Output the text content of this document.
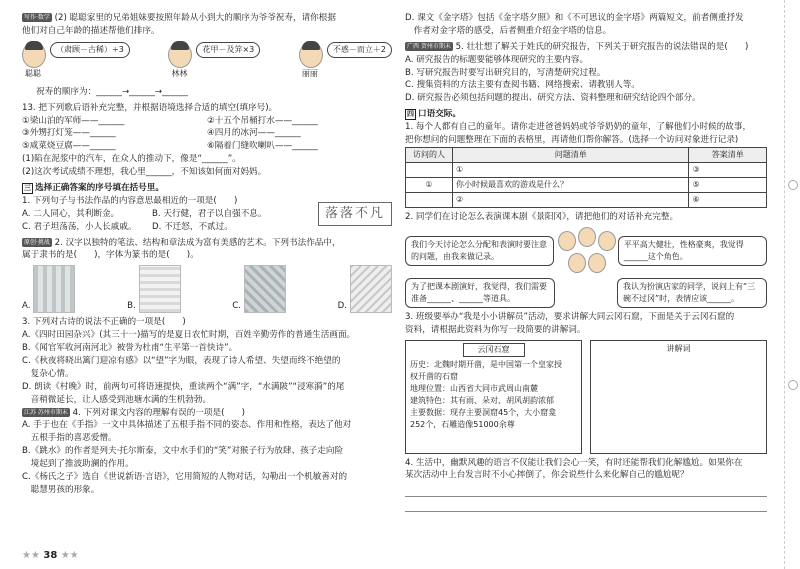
写作·数学 (2) 聪聪家里的兄弟姐妹要按照年龄从小到大的顺序为爷爷祝寿，请你根据
他们对自己年龄的描述帮他们排序。
聪聪
（肃顾－古稀）÷3
林林
花甲－及笄×3
丽丽
不惑－而立＋2
祝寿的顺序为：______→______→______
13. 把下列歌后语补充完整，并根据语境选择合适的填空(填序号)。
①梁山泊的军师——______	②十五个吊桶打水——______
③外甥打灯笼——______	④四月的冰河——______
⑤咸菜烧豆腐——______	⑥隔着门缝吹喇叭——______
(1)陷在泥浆中的汽车，在众人的推动下，像是“______”。
(2)这次考试成绩不理想，我心里______，不知该如何面对妈妈。
三 选择正确答案的序号填在括号里。
1. 下列句子与书法作品的内容意思最相近的一项是(　　)
A. 二人同心，其利断金。	B. 天行健，君子以自强不息。
C. 君子坦荡荡，小人长戚戚。	D. 不迁怒，不贰过。
落落不凡
原创·挑战 2. 汉字以独特的笔法、结构和章法成为富有美感的艺术。下列书法作品中，
属于隶书的是(　　)，字体为篆书的是(　　)。
A.	B.	C.	D.
3. 下列对古诗的说法不正确的一项是(　　)
A.《四时田园杂兴》(其三十一)描写的是夏日农忙时期，百姓辛勤劳作的普通生活画面。
B.《闻官军收河南河北》被誉为杜甫“生平第一首快诗”。
C.《秋夜将晓出篱门迎凉有感》以“望”字为眼，表现了诗人希望、失望而终不绝望的
　复杂心情。
D. 朗读《村晚》时，前两句可将语速提快，重读两个“满”字，“水满陂”“浸寒漪”的尾
　音稍微延长，让人感受到池塘水满的生机勃勃。
江苏 苏州市期末 4. 下列对课文内容的理解有误的一项是(　　)
A. 手于也在《手指》一文中具体描述了五根手指不同的姿态、作用和性格，表达了他对
　五根手指的喜恶爱憎。
B.《跳水》的作者是列夫·托尔斯泰，文中水手们的“笑”对猴子行为放肆、孩子走向险
　境起到了推波助澜的作用。
C.《杨氏之子》选自《世说新语·言语》，它用简短的人物对话，勾勒出一个机敏善对的
　聪慧男孩的形象。
★★ 38 ★★
D. 课文《金字塔》包括《金字塔夕照》和《不可思议的金字塔》两篇短文，前者侧重抒发
　作者对金字塔的感受，后者侧重介绍金字塔的信息。
广西 贺州市期末 5. 壮壮想了解关于姓氏的研究报告，下列关于研究报告的说法错误的是(　　)
A. 研究报告的标题要能够体现研究的主要内容。
B. 写研究报告时要写出研究目的，写清楚研究过程。
C. 搜集资料的方法主要有查阅书籍、网络搜索、请教别人等。
D. 研究报告必须包括问题的提出、研究方法、资料整理和研究结论四个部分。
四 口语交际。
1. 每个人都有自己的童年。请你走进爸爸妈妈或爷爷奶奶的童年，了解他们小时候的故事，
把你想问的问题整理在下面的表格里，再请他们帮你解答。(选择一个访问对象进行记录)
访问的人	问题清单	答案清单
	①	③
①	你小时候最喜欢的游戏是什么？	⑤
	②	⑥
2. 同学们在讨论怎么表演课本剧《景阳冈》，请把他们的对话补充完整。
我们今天讨论怎么分配和表演时要注意的问题，由我来做记录。
平平高大健壮，性格豪爽，我觉得______这个角色。
为了把课本剧演好，我觉得，我们需要准备______、______等道具。
我认为扮演店家的同学，说问上有“三碗不过冈”时，表情应该______。
3. 班级要举办“我是小小讲解员”活动，要求讲解大同云冈石窟，下面是关于云冈石窟的
资料，请根据此资料为你写一段简要的讲解词。
云冈石窟
历史：北魏时期开凿，是中国第一个皇家授
权开凿的石窟
地理位置：山西省大同市武周山南麓
建筑特色：其有雨、朵对、胡风胡韵浓郁
主要数据：现存主要洞窟45个，大小窟龛
252个，石雕造像51000余尊
讲解词
4. 生活中，幽默风趣的语言不仅能让我们会心一笑，有时还能帮我们化解尴尬。如果你在
某次活动中上台发言时不小心摔倒了，你会说些什么来化解自己的尴尬呢？
